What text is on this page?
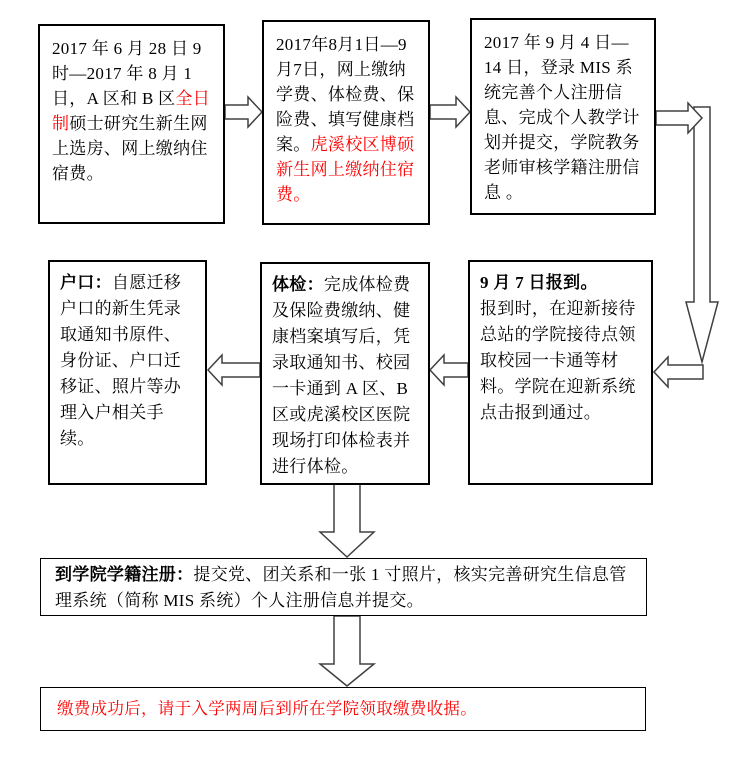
2017 年 6 月 28 日 9 时—2017 年 8 月 1 日，A 区和 B 区全日制硕士研究生新生网上选房、网上缴纳住宿费。
2017年8月1日—9月7日，网上缴纳学费、体检费、保险费、填写健康档案。虎溪校区博硕新生网上缴纳住宿费。
2017 年 9 月 4 日—14 日，登录 MIS 系统完善个人注册信息、完成个人教学计划并提交，学院教务老师审核学籍注册信息 。
户口：自愿迁移户口的新生凭录取通知书原件、身份证、户口迁移证、照片等办理入户相关手续。
体检：完成体检费及保险费缴纳、健康档案填写后，凭录取通知书、校园一卡通到 A 区、B 区或虎溪校区医院现场打印体检表并进行体检。
9 月 7 日报到。
报到时，在迎新接待总站的学院接待点领取校园一卡通等材料。学院在迎新系统点击报到通过。
到学院学籍注册：提交党、团关系和一张 1 寸照片，核实完善研究生信息管理系统（简称 MIS 系统）个人注册信息并提交。
缴费成功后，请于入学两周后到所在学院领取缴费收据。
